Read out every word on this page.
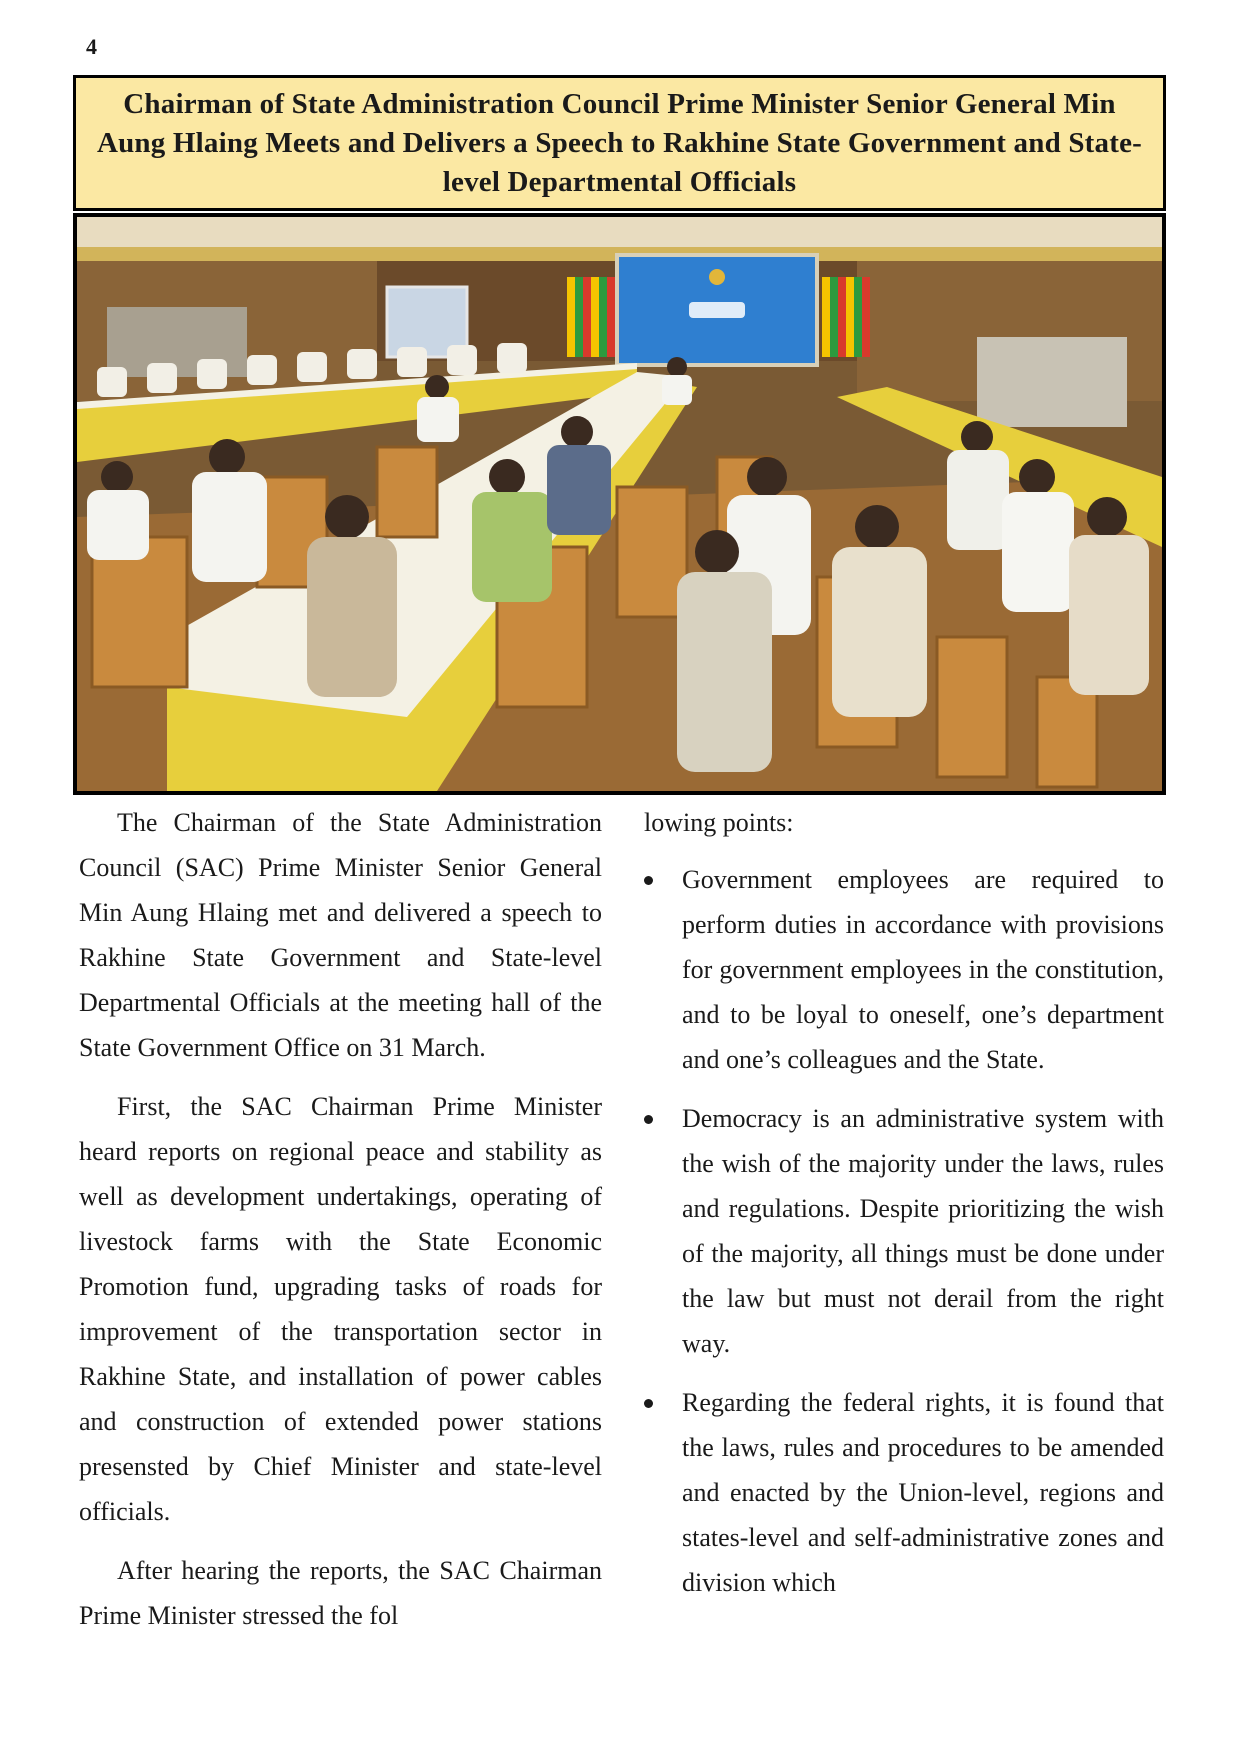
4
Chairman of State Administration Council Prime Minister Senior General Min Aung Hlaing Meets and Delivers a Speech to Rakhine State Government and State-level Departmental Officials

The Chairman of the State Administration Council (SAC) Prime Minister Senior General Min Aung Hlaing met and delivered a speech to Rakhine State Government and State-level Departmental Officials at the meeting hall of the State Government Office on 31 March.

First, the SAC Chairman Prime Minister heard reports on regional peace and stability as well as development undertakings, operating of livestock farms with the State Economic Promotion fund, upgrading tasks of roads for improvement of the transportation sector in Rakhine State, and installation of power cables and construction of extended power stations presensted by Chief Minister and state-level officials.

After hearing the reports, the SAC Chairman Prime Minister stressed the fol

lowing points:

Government employees are required to perform duties in accordance with provisions for government employees in the constitution, and to be loyal to oneself, one’s department and one’s colleagues and the State.
Democracy is an administrative system with the wish of the majority under the laws, rules and regulations. Despite prioritizing the wish of the majority, all things must be done under the law but must not derail from the right way.
Regarding the federal rights, it is found that the laws, rules and procedures to be amended and enacted by the Union-level, regions and states-level and self-administrative zones and division which
